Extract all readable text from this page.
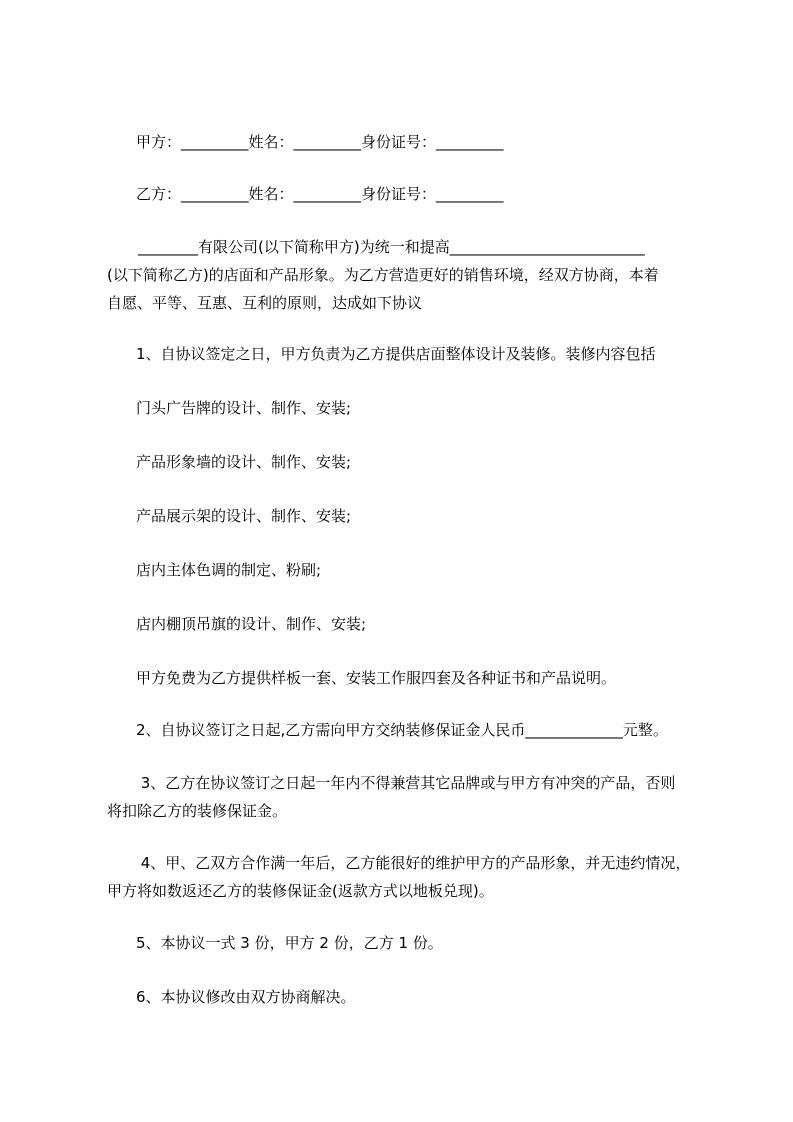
甲方：_________姓名：_________身份证号：_________
乙方：_________姓名：_________身份证号：_________
________有限公司(以下简称甲方)为统一和提高__________________________
(以下简称乙方)的店面和产品形象。为乙方营造更好的销售环境，经双方协商，本着
自愿、平等、互惠、互利的原则，达成如下协议
1、自协议签定之日，甲方负责为乙方提供店面整体设计及装修。装修内容包括
门头广告牌的设计、制作、安装;
产品形象墙的设计、制作、安装;
产品展示架的设计、制作、安装;
店内主体色调的制定、粉刷;
店内棚顶吊旗的设计、制作、安装;
甲方免费为乙方提供样板一套、安装工作服四套及各种证书和产品说明。
2、自协议签订之日起,乙方需向甲方交纳装修保证金人民币_____________元整。
3、乙方在协议签订之日起一年内不得兼营其它品牌或与甲方有冲突的产品，否则
将扣除乙方的装修保证金。
4、甲、乙双方合作满一年后，乙方能很好的维护甲方的产品形象，并无违约情况，
甲方将如数返还乙方的装修保证金(返款方式以地板兑现)。
5、本协议一式 3 份，甲方 2 份，乙方 1 份。
6、本协议修改由双方协商解决。
